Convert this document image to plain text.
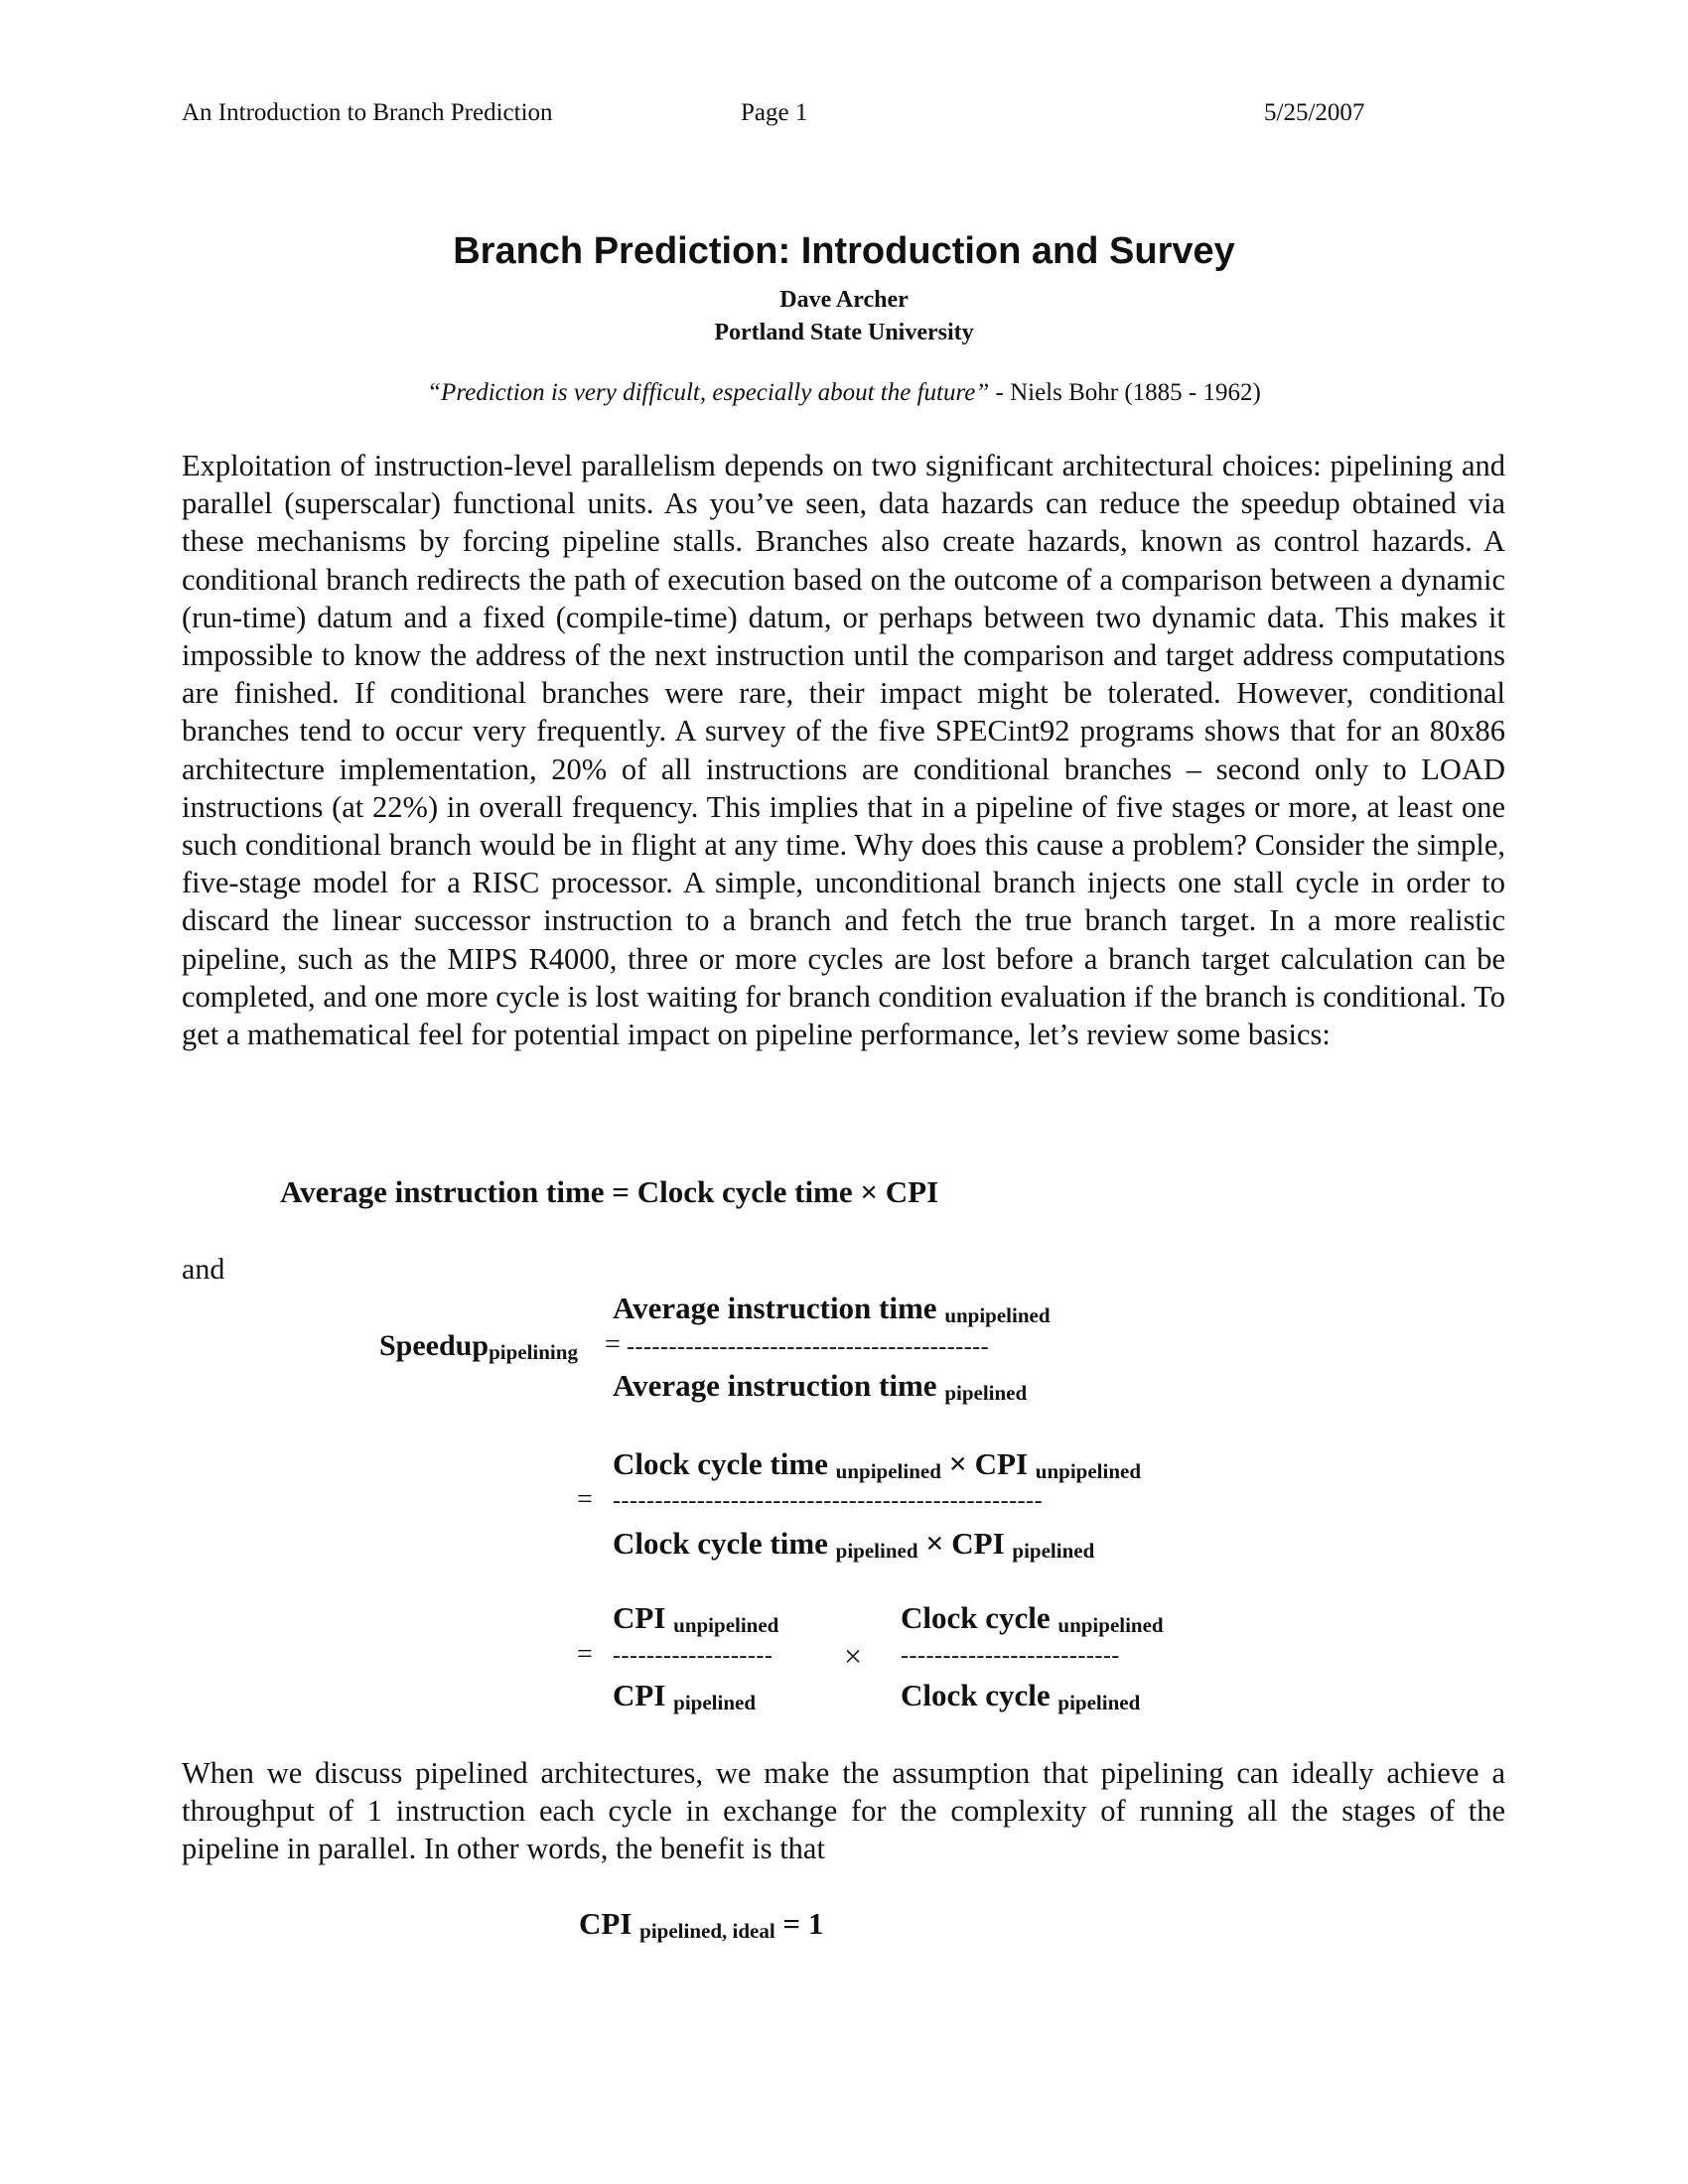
An Introduction to Branch Prediction	Page 1	5/25/2007
Branch Prediction: Introduction and Survey
Dave Archer
Portland State University
“Prediction is very difficult, especially about the future” - Niels Bohr (1885 - 1962)
Exploitation of instruction-level parallelism depends on two significant architectural choices: pipelining and parallel (superscalar) functional units. As you’ve seen, data hazards can reduce the speedup obtained via these mechanisms by forcing pipeline stalls. Branches also create hazards, known as control hazards. A conditional branch redirects the path of execution based on the outcome of a comparison between a dynamic (run-time) datum and a fixed (compile-time) datum, or perhaps between two dynamic data. This makes it impossible to know the address of the next instruction until the comparison and target address computations are finished. If conditional branches were rare, their impact might be tolerated. However, conditional branches tend to occur very frequently. A survey of the five SPECint92 programs shows that for an 80x86 architecture implementation, 20% of all instructions are conditional branches – second only to LOAD instructions (at 22%) in overall frequency. This implies that in a pipeline of five stages or more, at least one such conditional branch would be in flight at any time. Why does this cause a problem? Consider the simple, five-stage model for a RISC processor. A simple, unconditional branch injects one stall cycle in order to discard the linear successor instruction to a branch and fetch the true branch target. In a more realistic pipeline, such as the MIPS R4000, three or more cycles are lost before a branch target calculation can be completed, and one more cycle is lost waiting for branch condition evaluation if the branch is conditional. To get a mathematical feel for potential impact on pipeline performance, let’s review some basics:
Average instruction time = Clock cycle time × CPI
and
Speeduppipelining = -------------------------------------------
Average instruction time unpipelined
Average instruction time pipelined
Clock cycle time unpipelined × CPI unpipelined
= ---------------------------------------------------
Clock cycle time pipelined × CPI pipelined
CPI unpipelined	Clock cycle unpipelined
= -------------------	× --------------------------
CPI pipelined	Clock cycle pipelined
When we discuss pipelined architectures, we make the assumption that pipelining can ideally achieve a throughput of 1 instruction each cycle in exchange for the complexity of running all the stages of the pipeline in parallel. In other words, the benefit is that
CPI pipelined, ideal = 1
